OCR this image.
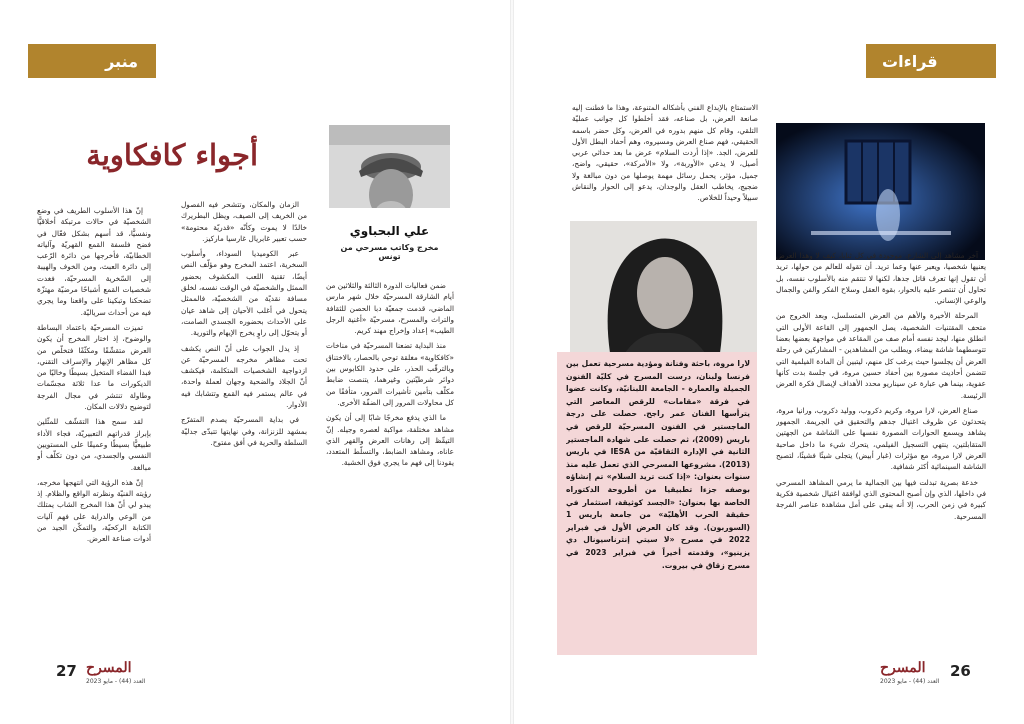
منبر
أجواء كافكاوية
علي البحباوي
مخرج وكاتب مسرحي من تونس

إنّ هذا الأسلوب الطريف في وضع الشخصيّة في حالات مرتبكة أخلاقيًّا ونفسيًّا، قد أسهم بشكل فعّال في فضح فلسفة القمع القهريّة وآلياته الخطابيّة، فأخرجها من دائرة الرّعب إلى دائرة العبث، ومن الخوف والهيبة إلى السّخرية المسرحيّة، فغدت شخصيات القمع أشباحًا مرضيّة مهتزّة تضحكنا وتبكينا على واقعنا وما يجري فيه من أحداث سرياليّة.

تميزت المسرحيّة باعتماد البساطة والوضوح، إذ اختار المخرج أن يكون العرض متقشّفًا ومكثّفًا فتخلّص من كل مظاهر الإبهار والإسراف التقني، فبدا الفضاء المتخيل بسيطًا وخاليًا من الديكورات ما عدا ثلاثة مجسّمات وطاولة تنتشر في مجال الفرجة لتوضيح دلالات المكان.

لقد سمح هذا التقشّف للمثّلين بإبراز قدراتهم التعبيريّة، فجاء الأداء طبيعيًّا بسيطًا وعميقًا على المستويين النفسي والجسدي، من دون تكلّف أو مبالغة.

إنّ هذه الرؤية التي انتهجها مخرجه، رؤيته الفنيّة ونظرته الواقع والظلام. إذ يبدو لي أنّ هذا المخرج الشاب يمتلك من الوعي والدراية على فهم آليات الكتابة الركحيّة، والتمكّن الجيد من أدوات صناعة العرض.

الزمان والمكان، وتتشحر فيه الفصول من الخريف إلى الصيف، ويظل البطريرك خالدًا لا يموت وكأنّه «قدريّة محتومة» حسب تعبير غابريال غارسيا ماركيز.

عبر الكوميديا السوداء، وأسلوب السخرية، اعتمد المخرج وهو مؤلّف النص أيضًا، تقنية اللعب المكشوف بحضور الممثل والشخصيّة في الوقت نفسه، لخلق مسافة نقديّة من الشخصيّة، فالممثل يتحول في أغلب الأحيان إلى شاهد عيان على الأحداث بحضوره الجسدي الصامت، أو يتحوّل إلى راوٍ يخرج الإيهام والتورية.

إذ يدل الجواب على أنّ النص يكشف تحت مظاهر مخرجه المسرحيّة عن ازدواجية الشخصيات المتكلمة، فيكشف أنّ الجلاد والضحية وجهان لعملة واحدة، في عالم يستمر فيه القمع وتتشابك فيه الأدوار.

في بداية المسرحيّة يصدم المتفرّج بمشهد للزنزانة، وفي نهايتها تتبدّى جدليّة السلطة والحرية في أفق مفتوح.

ضمن فعاليات الدورة الثالثة والثلاثين من أيام الشارقة المسرحيّة خلال شهر مارس الماضي، قدمت جمعيّة دبا الحصن للثقافة والتراث والمسرح، مسرحيّة «أغنية الرجل الطيب» إعداد وإخراج مهند كريم.

منذ البداية تضعنا المسرحيّة في مناخات «كافكاوية» مغلقة توحي بالحصار، بالاختناق وبالترقّب الحذر، على حدود الكابوس بين دوائر شرطيّتين وغيرهما، يتنصت ضابط مكلّف بتأمين تأشيرات المرور، متأففًا من كل محاولات المرور إلى الضفّة الأخرى.

ما الذي يدفع مخرجًا شابًا إلى أن يكون مشاهد مختلفة، مواكبة لعصره وجيله. إنّ التيقّظ إلى رهانات العرض والقهر الذي عاناه، ومشاهد الضابط، والتسلّط المتعدد، يقودنا إلى فهم ما يجري فوق الخشبة.

27 المسرح
العدد (44) - مايو 2023
قراءات

الاستمتاع بالإبداع الفني بأشكاله المتنوعة، وهذا ما فطنت إليه صانعة العرض، بل صناعه، فقد أخلطوا كل جوانب عمليّة التلقي، وقام كل منهم بدوره في العرض، وكل حضر باسمه الحقيقي، فهم صناع العرض ومسيروه، وهم أحفاد البطل الأول للعرض، الجد. «إذا أردت السلام» عرض ما بعد حداثي عربي أصيل، لا يدعي «الأوربة»، ولا «الأمركة»، حقيقي، واضح، جميل، مؤثر، يحمل رسائل مهمة يوصلها من دون مبالغة ولا ضجيج، يخاطب العقل والوجدان، يدعو إلى الحوار والنقاش سبيلاً وحيداً للخلاص.

لارا مروة، باحثة وفنانة ومؤدية مسرحية تعمل بين فرنسا ولبنان، درست المسرح في كليّة الفنون الجميلة والعمارة - الجامعة اللبنانيّة، وكانت عضوا في فرقة «مقامات» للرقص المعاصر التي يترأسها الفنان عمر راجح. حصلت على درجة الماجستير في الفنون المسرحيّة للرقص في باريس (2009)، ثم حصلت على شهادة الماجستير الثانية في الإدارة الثقافيّة من IESA في باريس (2013). مشروعها المسرحي الذي تعمل عليه منذ سنوات بعنوان: «إذا كنت تريد السلام» تم إنشاؤه بوصفه جزءا تطبيقيا من أطروحة الدكتوراه الخاصة بها بعنوان: «الجسد كوثيقة، استثمار في حقيقة الحرب الأهليّة» من جامعة باريس 1 (السوربون). وقد كان العرض الأول في فبراير 2022 في مسرح «لا سيتي إنترناسيونال دي يزينيو»، وقدمته أخيراً في فبراير 2023 في مسرح زقاق في بيروت.

آخر مشاهد إلى الشارع، موجودة في كل ثنايا، كيف لا وهذا العرض يعنيها شخصيا، ويعبر عنها وعما تريد. أن تقوله للعالم من حولها، تريد أن تقول إنها تعرف قاتل جدها، لكنها لا تنتقم منه بالأسلوب نفسه، بل تحاول أن تنتصر عليه بالحوار، بقوة العقل وسلاح الفكر والفن والجمال والوعي الإنساني.

المرحلة الأخيرة والأهم من العرض المتسلسل، وبعد الخروج من متحف المقتنيات الشخصية، يصل الجمهور إلى القاعة الأولى التي انطلق منها، ليجد نفسه أمام صف من المقاعد في مواجهة بعضها بعضا تتوسطهما شاشة بيضاء، ويطلب من المشاهدين - المشاركين في رحلة العرض أن يجلسوا حيث يرغب كل منهم، ليتبين أن المادة الفيلمية التي تتضمن أحاديث مصورة بين أحفاد حسين مروة، في جلسة بدت كأنها عفوية، بينما هي عبارة عن سيناريو محدد الأهداف لإيصال فكرة العرض الرئيسة.

صناع العرض، لارا مروة، وكريم دكروب، ووليد دكروب، ورانيا مروة، يتحدثون عن ظروف اغتيال جدهم والتحقيق في الجريمة. الجمهور يشاهد ويسمع الحوارات المصورة نفسها على الشاشة من الجهتين المتقابلتين، ينتهي التسجيل الفيلمي، يتحرك شيء ما داخل صاحبة العرض لارا مروة، مع مؤثرات (غبار أبيض) يتجلى شيئًا فشيئًا، لتصبح الشاشة السينمائية أكثر شفافية.

خدعة بصرية تبدلت فيها بين الجمالية ما يرمي المشاهد المسرحي في داخلها، الذي وإن أصبح المحتوى الذي لوافقة اغتيال شخصية فكرية كبيرة في زمن الحرب، إلا أنه يبقى على أمل مشاهدة عناصر الفرجة المسرحية.

المسرح
العدد (44) - مايو 2023
26
